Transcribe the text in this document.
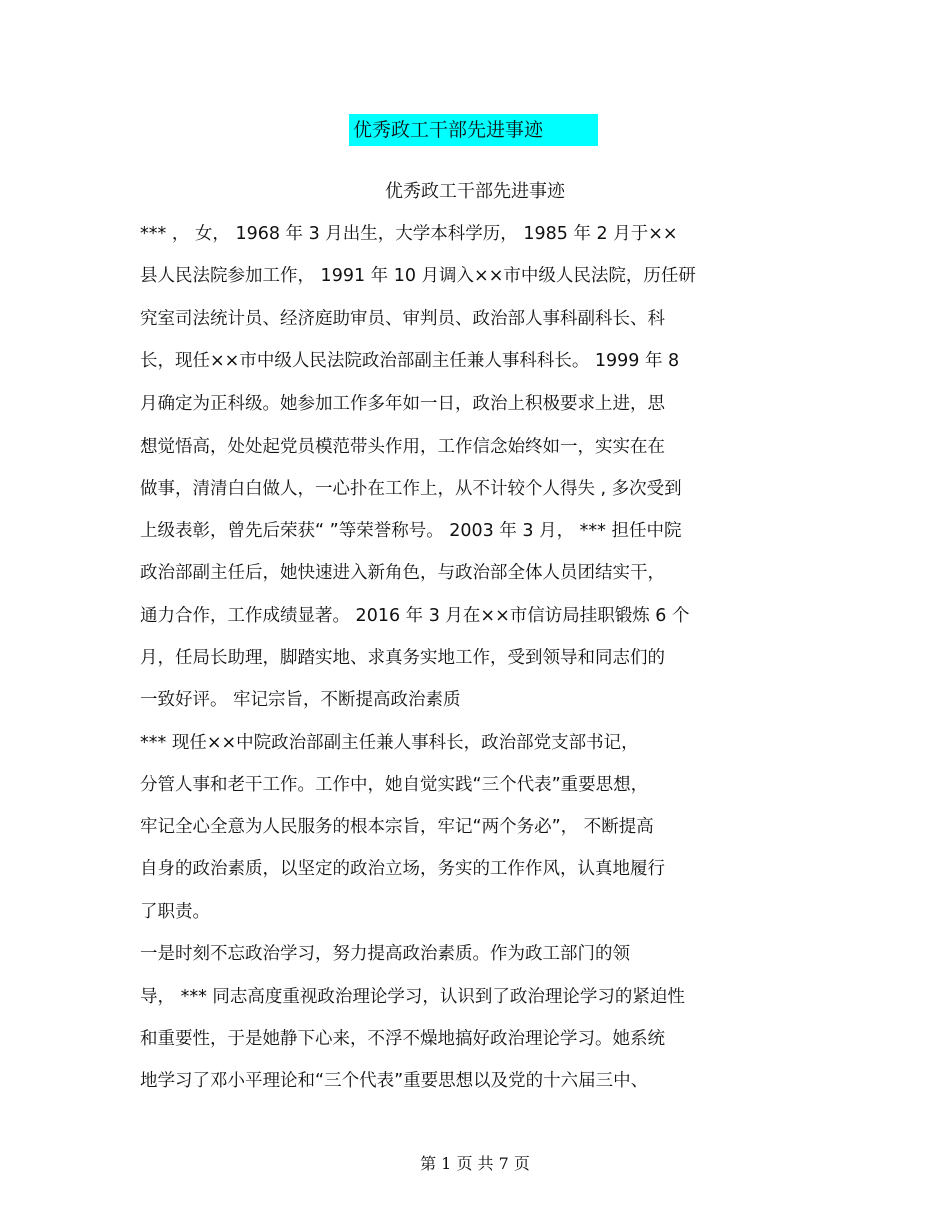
优秀政工干部先进事迹
优秀政工干部先进事迹
*** ， 女， 1968 年 3 月出生，大学本科学历， 1985 年 2 月于××
县人民法院参加工作， 1991 年 10 月调入××市中级人民法院，历任研
究室司法统计员、经济庭助审员、审判员、政治部人事科副科长、科
长，现任××市中级人民法院政治部副主任兼人事科科长。 1999 年 8
月确定为正科级。她参加工作多年如一日，政治上积极要求上进，思
想觉悟高，处处起党员模范带头作用，工作信念始终如一，实实在在
做事，清清白白做人，一心扑在工作上，从不计较个人得失 , 多次受到
上级表彰，曾先后荣获“ ”等荣誉称号。 2003 年 3 月， *** 担任中院
政治部副主任后，她快速进入新角色，与政治部全体人员团结实干，
通力合作，工作成绩显著。 2016 年 3 月在××市信访局挂职锻炼 6 个
月，任局长助理，脚踏实地、求真务实地工作，受到领导和同志们的
一致好评。 牢记宗旨，不断提高政治素质
*** 现任××中院政治部副主任兼人事科长，政治部党支部书记，
分管人事和老干工作。工作中，她自觉实践“三个代表”重要思想，
牢记全心全意为人民服务的根本宗旨，牢记“两个务必”， 不断提高
自身的政治素质，以坚定的政治立场，务实的工作作风，认真地履行
了职责。
一是时刻不忘政治学习，努力提高政治素质。作为政工部门的领
导， *** 同志高度重视政治理论学习，认识到了政治理论学习的紧迫性
和重要性，于是她静下心来，不浮不燥地搞好政治理论学习。她系统
地学习了邓小平理论和“三个代表”重要思想以及党的十六届三中、
第 1 页 共 7 页
